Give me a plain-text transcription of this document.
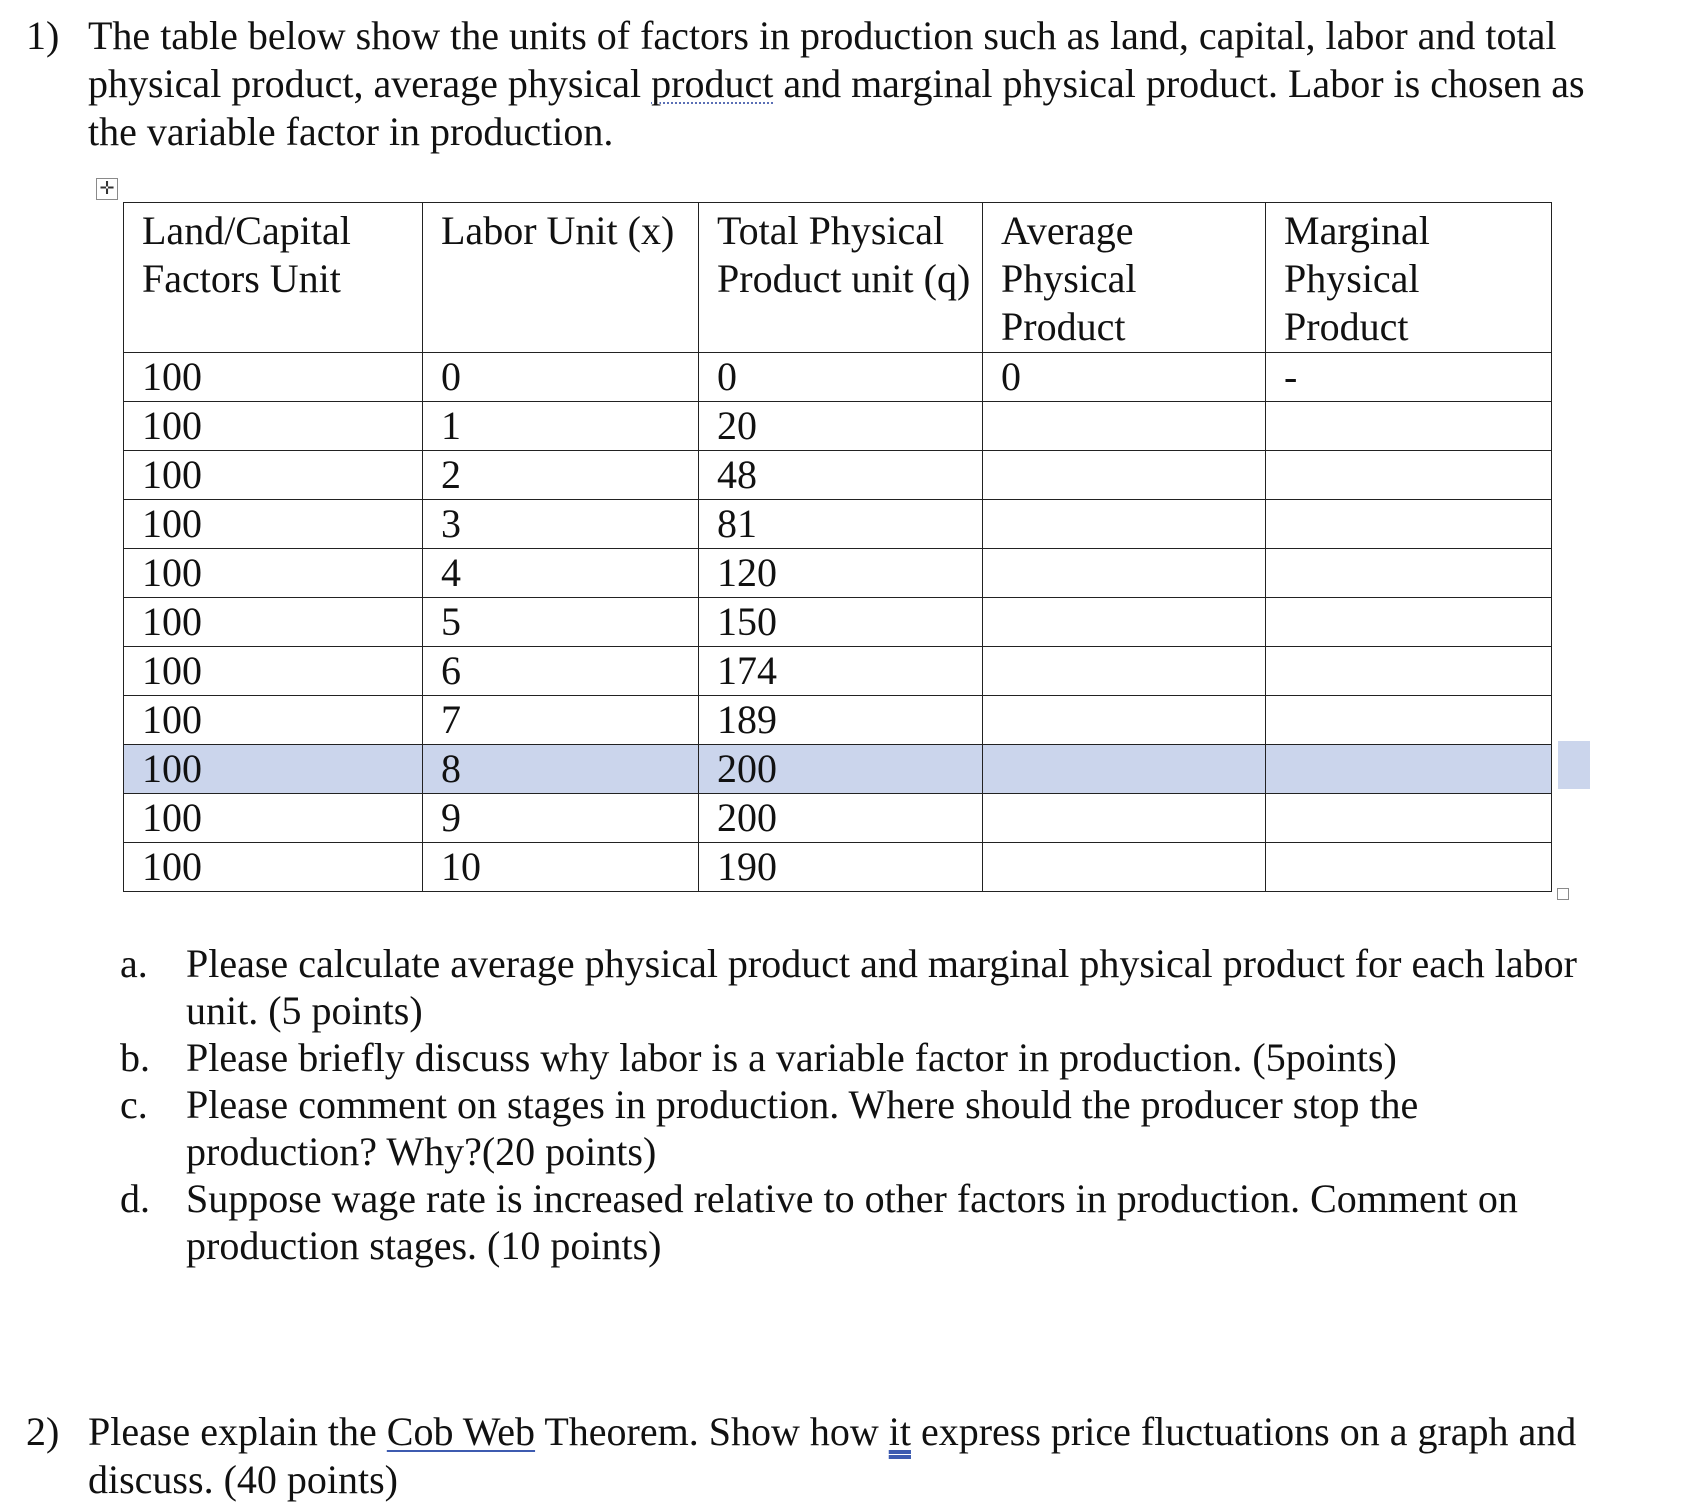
1) The table below show the units of factors in production such as land, capital, labor and total physical product, average physical product and marginal physical product. Labor is chosen as the variable factor in production.
✛
Land/Capital Factors Unit	Labor Unit (x)	Total Physical Product unit (q)	Average Physical Product	Marginal Physical Product
100	0	0	0	-
100	1	20		
100	2	48		
100	3	81		
100	4	120		
100	5	150		
100	6	174		
100	7	189		
100	8	200		
100	9	200		
100	10	190		
a. Please calculate average physical product and marginal physical product for each labor unit. (5 points)
b. Please briefly discuss why labor is a variable factor in production. (5points)
c. Please comment on stages in production. Where should the producer stop the production? Why?(20 points)
d. Suppose wage rate is increased relative to other factors in production. Comment on production stages. (10 points)
2) Please explain the Cob Web Theorem. Show how it express price fluctuations on a graph and discuss. (40 points)
